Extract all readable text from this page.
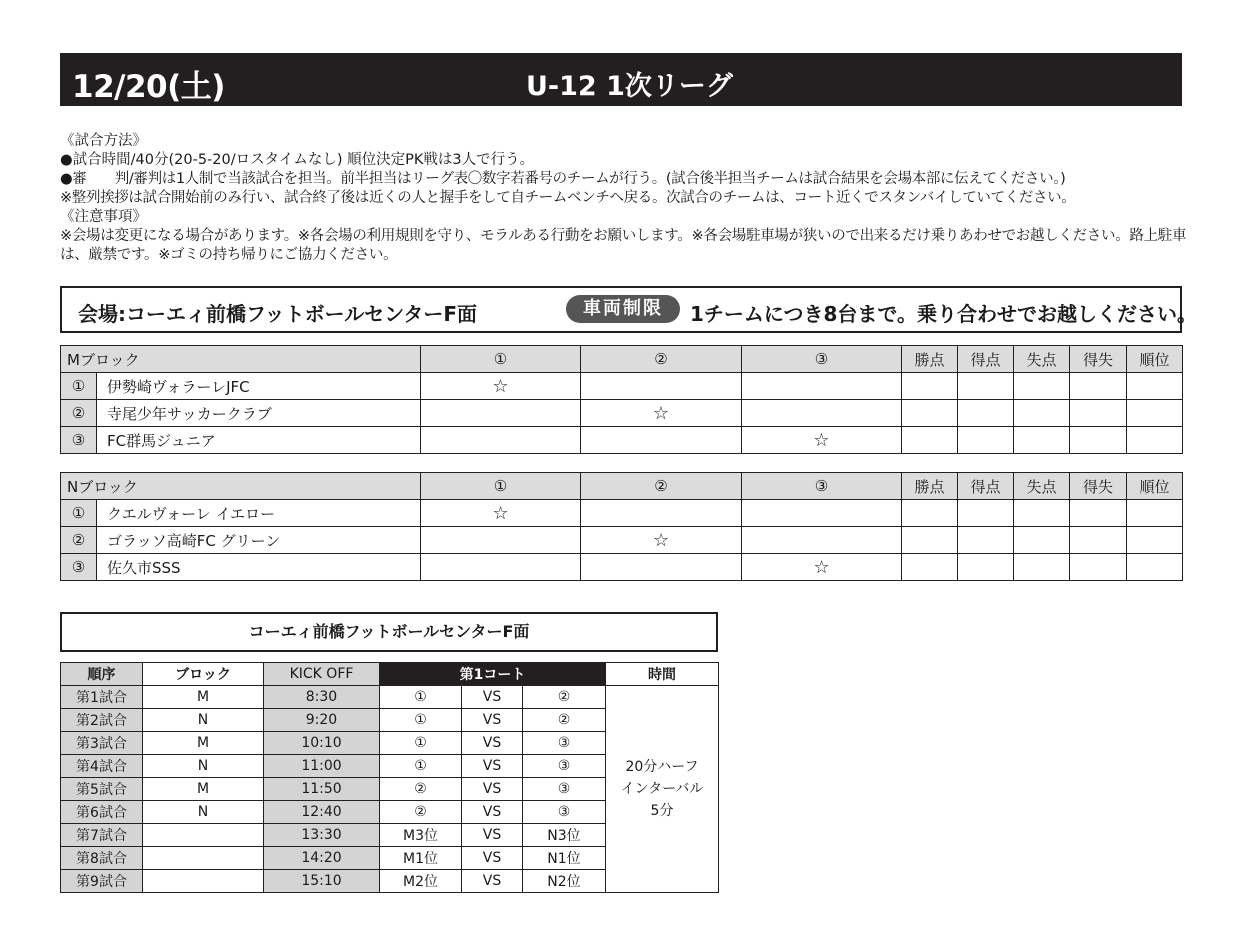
12/20(土)	U-12 1次リーグ
《試合方法》
●試合時間/40分(20-5-20/ロスタイムなし) 順位決定PK戦は3人で行う。
●審　　判/審判は1人制で当該試合を担当。前半担当はリーグ表〇数字若番号のチームが行う。(試合後半担当チームは試合結果を会場本部に伝えてください。)
※整列挨拶は試合開始前のみ行い、試合終了後は近くの人と握手をして自チームベンチへ戻る。次試合のチームは、コート近くでスタンバイしていてください。
《注意事項》
※会場は変更になる場合があります。※各会場の利用規則を守り、モラルある行動をお願いします。※各会場駐車場が狭いので出来るだけ乗りあわせでお越しください。路上駐車は、厳禁です。※ゴミの持ち帰りにご協力ください。
会場:コーエィ前橋フットボールセンターF面	車両制限	1チームにつき8台まで。乗り合わせでお越しください。
Mブロック		①	②	③	勝点	得点	失点	得失	順位
①	伊勢崎ヴォラーレJFC	☆							
②	寺尾少年サッカークラブ		☆						
③	FC群馬ジュニア			☆					
Nブロック		①	②	③	勝点	得点	失点	得失	順位
①	クエルヴォーレ イエロー	☆							
②	ゴラッソ高崎FC グリーン		☆						
③	佐久市SSS			☆					
コーエィ前橋フットボールセンターF面
順序	ブロック	KICK OFF	第1コート			時間
第1試合	M	8:30	①	VS	②	20分ハーフ
インターバル
5分

第2試合	N	9:20	①	VS	②	
第3試合	M	10:10	①	VS	③	
第4試合	N	11:00	①	VS	③	
第5試合	M	11:50	②	VS	③	
第6試合	N	12:40	②	VS	③	
第7試合		13:30	M3位	VS	N3位	
第8試合		14:20	M1位	VS	N1位	
第9試合		15:10	M2位	VS	N2位	
